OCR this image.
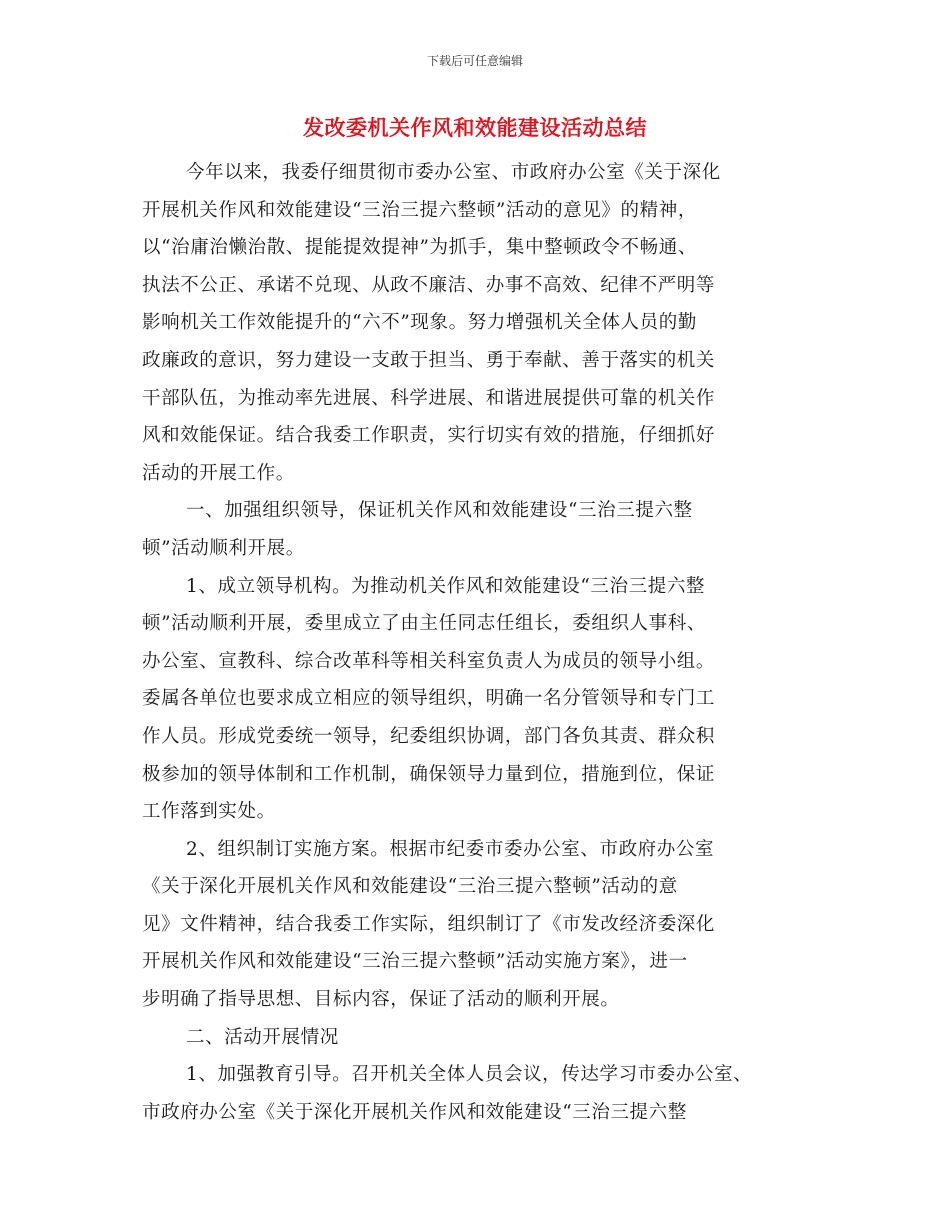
下载后可任意编辑
发改委机关作风和效能建设活动总结
今年以来，我委仔细贯彻市委办公室、市政府办公室《关于深化
开展机关作风和效能建设“三治三提六整顿”活动的意见》的精神，
以“治庸治懒治散、提能提效提神”为抓手，集中整顿政令不畅通、
执法不公正、承诺不兑现、从政不廉洁、办事不高效、纪律不严明等
影响机关工作效能提升的“六不”现象。努力增强机关全体人员的勤
政廉政的意识，努力建设一支敢于担当、勇于奉献、善于落实的机关
干部队伍，为推动率先进展、科学进展、和谐进展提供可靠的机关作
风和效能保证。结合我委工作职责，实行切实有效的措施，仔细抓好
活动的开展工作。
一、加强组织领导，保证机关作风和效能建设“三治三提六整
顿”活动顺利开展。
1、成立领导机构。为推动机关作风和效能建设“三治三提六整
顿”活动顺利开展，委里成立了由主任同志任组长，委组织人事科、
办公室、宣教科、综合改革科等相关科室负责人为成员的领导小组。
委属各单位也要求成立相应的领导组织，明确一名分管领导和专门工
作人员。形成党委统一领导，纪委组织协调，部门各负其责、群众积
极参加的领导体制和工作机制，确保领导力量到位，措施到位，保证
工作落到实处。
2、组织制订实施方案。根据市纪委市委办公室、市政府办公室
《关于深化开展机关作风和效能建设“三治三提六整顿”活动的意
见》文件精神，结合我委工作实际，组织制订了《市发改经济委深化
开展机关作风和效能建设“三治三提六整顿”活动实施方案》，进一
步明确了指导思想、目标内容，保证了活动的顺利开展。
二、活动开展情况
1、加强教育引导。召开机关全体人员会议，传达学习市委办公室、
市政府办公室《关于深化开展机关作风和效能建设“三治三提六整
